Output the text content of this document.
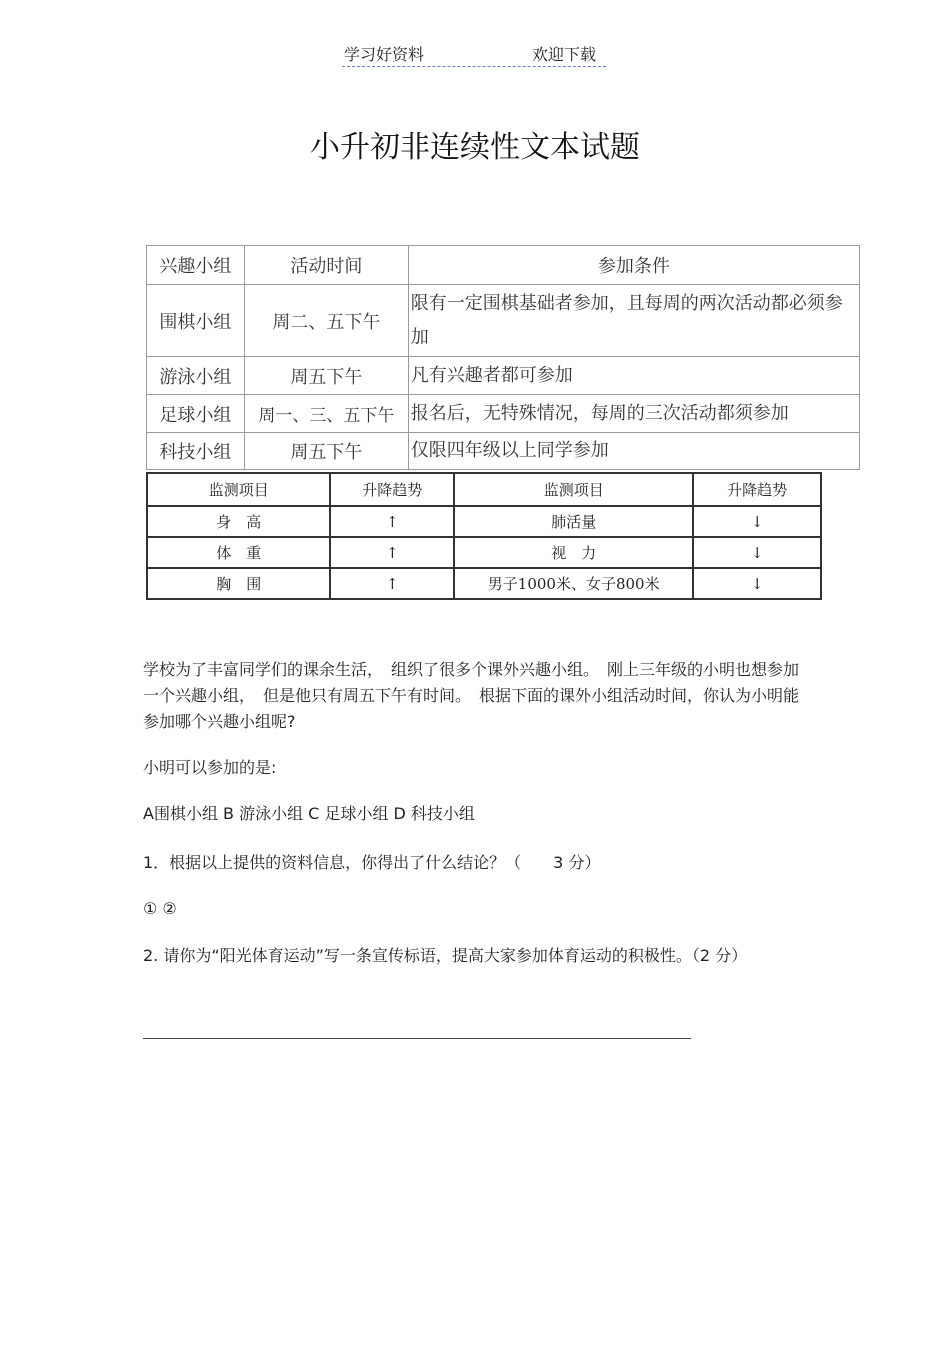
学习好资料	欢迎下载
小升初非连续性文本试题
兴趣小组	活动时间	参加条件
围棋小组	周二、五下午	限有一定围棋基础者参加，且每周的两次活动都必须参加
游泳小组	周五下午	凡有兴趣者都可参加
足球小组	周一、三、五下午	报名后，无特殊情况，每周的三次活动都须参加
科技小组	周五下午	仅限四年级以上同学参加
监测项目	升降趋势	监测项目	升降趋势
身　高	↑	肺活量	↓
体　重	↑	视　力	↓
胸　围	↑	男子1000米、女子800米	↓
学校为了丰富同学们的课余生活，　组织了很多个课外兴趣小组。　刚上三年级的小明也想参加一个兴趣小组，　但是他只有周五下午有时间。　根据下面的课外小组活动时间，你认为小明能参加哪个兴趣小组呢?
小明可以参加的是:
A围棋小组 B 游泳小组 C 足球小组 D 科技小组
1．根据以上提供的资料信息，你得出了什么结论？（　　3 分）
① ②
2. 请你为“阳光体育运动”写一条宣传标语，提高大家参加体育运动的积极性。（2 分）
